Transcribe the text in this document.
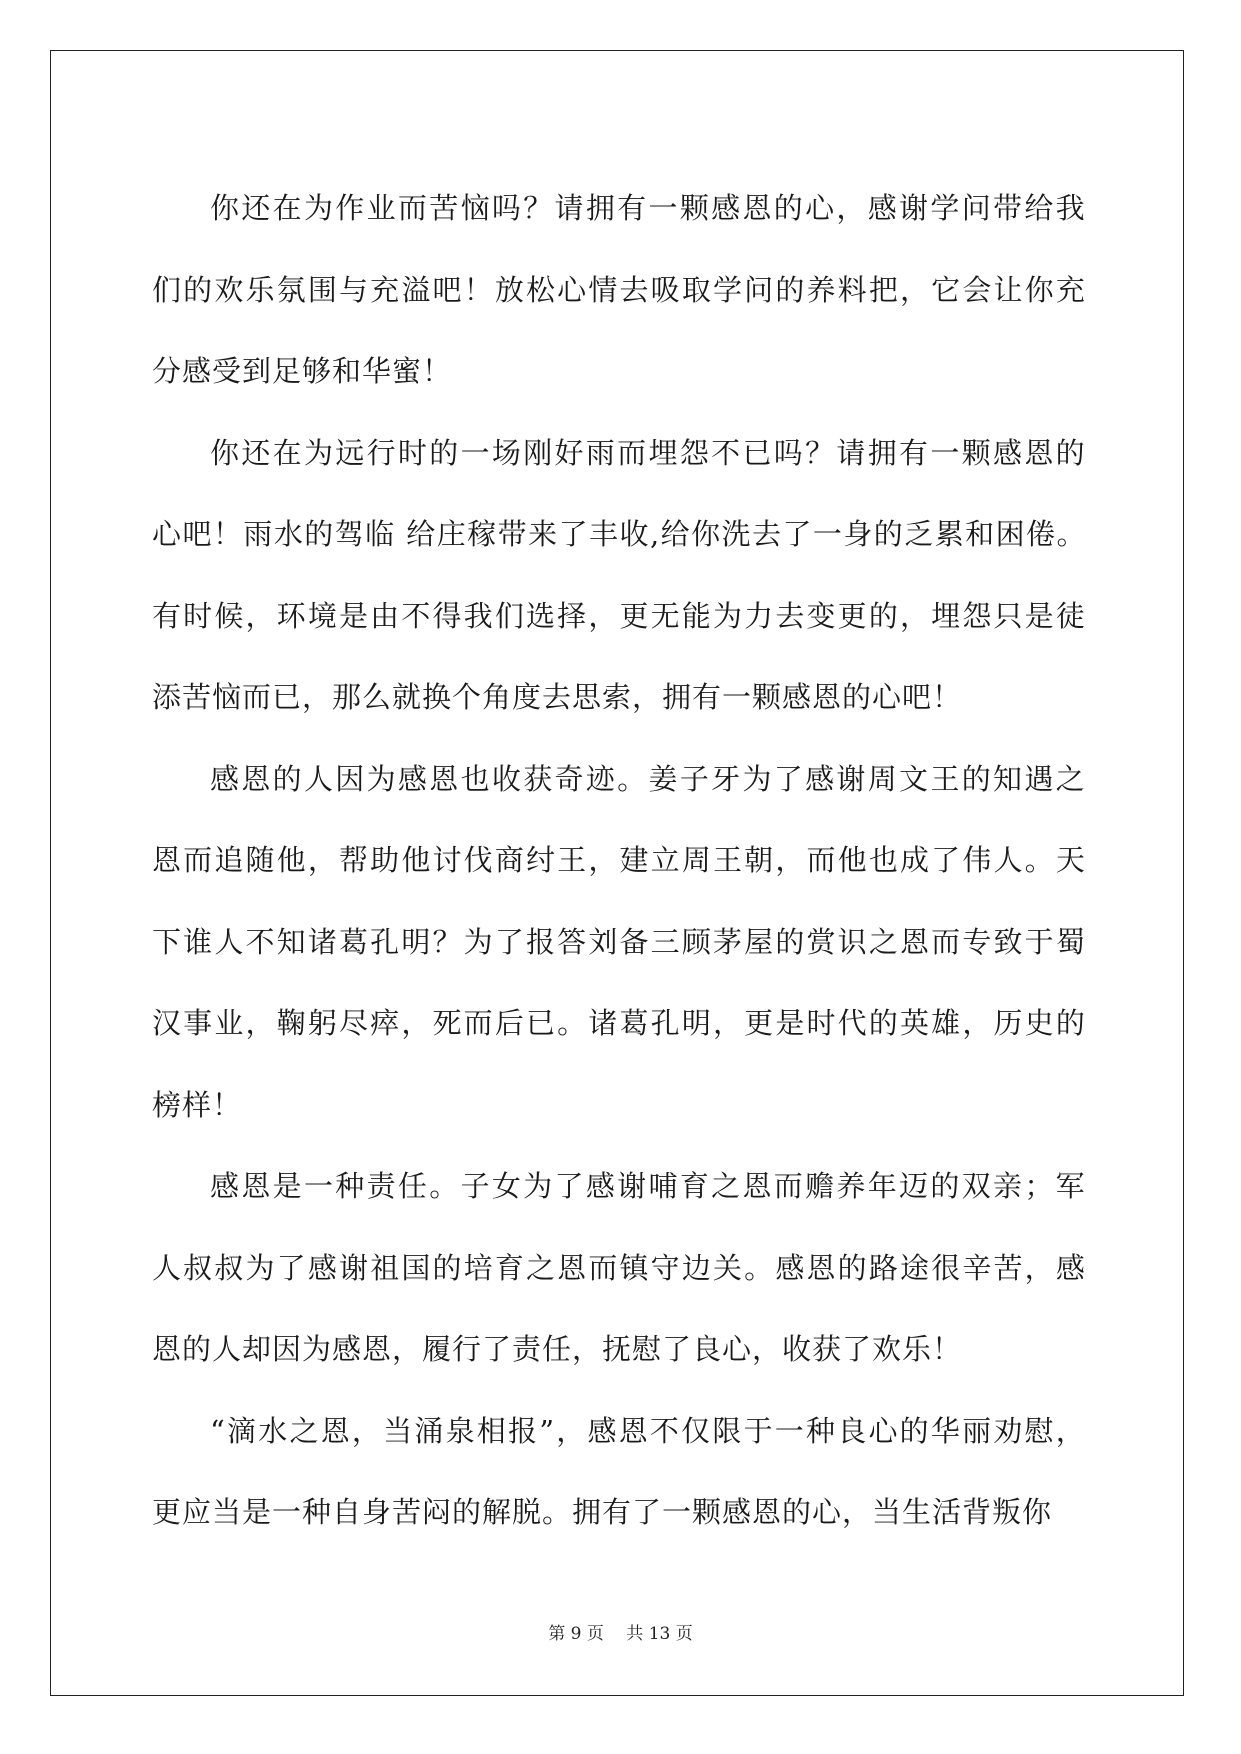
你还在为作业而苦恼吗？请拥有一颗感恩的心，感谢学问带给我
们的欢乐氛围与充溢吧！放松心情去吸取学问的养料把，它会让你充
分感受到足够和华蜜！
你还在为远行时的一场刚好雨而埋怨不已吗？请拥有一颗感恩的
心吧！雨水的驾临 给庄稼带来了丰收,给你洗去了一身的乏累和困倦。
有时候，环境是由不得我们选择，更无能为力去变更的，埋怨只是徒
添苦恼而已，那么就换个角度去思索，拥有一颗感恩的心吧！
感恩的人因为感恩也收获奇迹。姜子牙为了感谢周文王的知遇之
恩而追随他，帮助他讨伐商纣王，建立周王朝，而他也成了伟人。天
下谁人不知诸葛孔明？为了报答刘备三顾茅屋的赏识之恩而专致于蜀
汉事业，鞠躬尽瘁，死而后已。诸葛孔明，更是时代的英雄，历史的
榜样！
感恩是一种责任。子女为了感谢哺育之恩而赡养年迈的双亲；军
人叔叔为了感谢祖国的培育之恩而镇守边关。感恩的路途很辛苦，感
恩的人却因为感恩，履行了责任，抚慰了良心，收获了欢乐！
“滴水之恩，当涌泉相报”，感恩不仅限于一种良心的华丽劝慰，
更应当是一种自身苦闷的解脱。拥有了一颗感恩的心，当生活背叛你
第 9 页　 共 13 页
